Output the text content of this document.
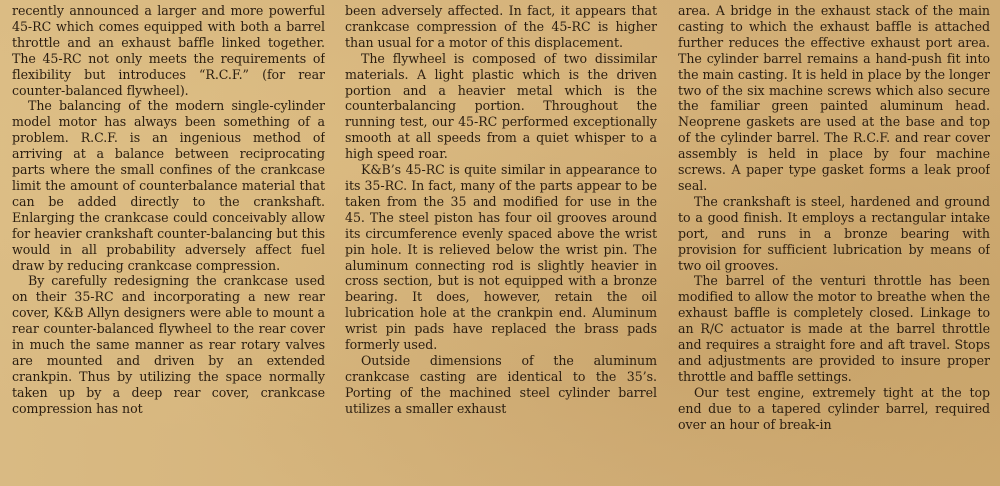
recently announced a larger and more powerful 45-RC which comes equipped with both a barrel throttle and an exhaust baffle linked together. The 45-RC not only meets the requirements of flexibility but introduces “R.C.F.” (for rear counter-balanced flywheel).

The balancing of the modern single-cylinder model motor has always been something of a problem. R.C.F. is an ingenious method of arriving at a balance between reciprocating parts where the small confines of the crankcase limit the amount of counterbalance material that can be added directly to the crankshaft. Enlarging the crankcase could conceivably allow for heavier crankshaft counter-balancing but this would in all probability adversely affect fuel draw by reducing crankcase compression.

By carefully redesigning the crankcase used on their 35-RC and incorporating a new rear cover, K&B Allyn designers were able to mount a rear counter-balanced flywheel to the rear cover in much the same manner as rear rotary valves are mounted and driven by an extended crankpin. Thus by utilizing the space normally taken up by a deep rear cover, crankcase compression has not

been adversely affected. In fact, it appears that crankcase compression of the 45-RC is higher than usual for a motor of this displacement.

The flywheel is composed of two dissimilar materials. A light plastic which is the driven portion and a heavier metal which is the counterbalancing portion. Throughout the running test, our 45-RC performed exceptionally smooth at all speeds from a quiet whisper to a high speed roar.

K&B’s 45-RC is quite similar in appearance to its 35-RC. In fact, many of the parts appear to be taken from the 35 and modified for use in the 45. The steel piston has four oil grooves around its circumference evenly spaced above the wrist pin hole. It is relieved below the wrist pin. The aluminum connecting rod is slightly heavier in cross section, but is not equipped with a bronze bearing. It does, however, retain the oil lubrication hole at the crankpin end. Aluminum wrist pin pads have replaced the brass pads formerly used.

Outside dimensions of the aluminum crankcase casting are identical to the 35’s. Porting of the machined steel cylinder barrel utilizes a smaller exhaust

area. A bridge in the exhaust stack of the main casting to which the exhaust baffle is attached further reduces the effective exhaust port area. The cylinder barrel remains a hand-push fit into the main casting. It is held in place by the longer two of the six machine screws which also secure the familiar green painted aluminum head. Neoprene gaskets are used at the base and top of the cylinder barrel. The R.C.F. and rear cover assembly is held in place by four machine screws. A paper type gasket forms a leak proof seal.

The crankshaft is steel, hardened and ground to a good finish. It employs a rectangular intake port, and runs in a bronze bearing with provision for sufficient lubrication by means of two oil grooves.

The barrel of the venturi throttle has been modified to allow the motor to breathe when the exhaust baffle is completely closed. Linkage to an R/C actuator is made at the barrel throttle and requires a straight fore and aft travel. Stops and adjustments are provided to insure proper throttle and baffle settings.

Our test engine, extremely tight at the top end due to a tapered cylinder barrel, required over an hour of break-in
